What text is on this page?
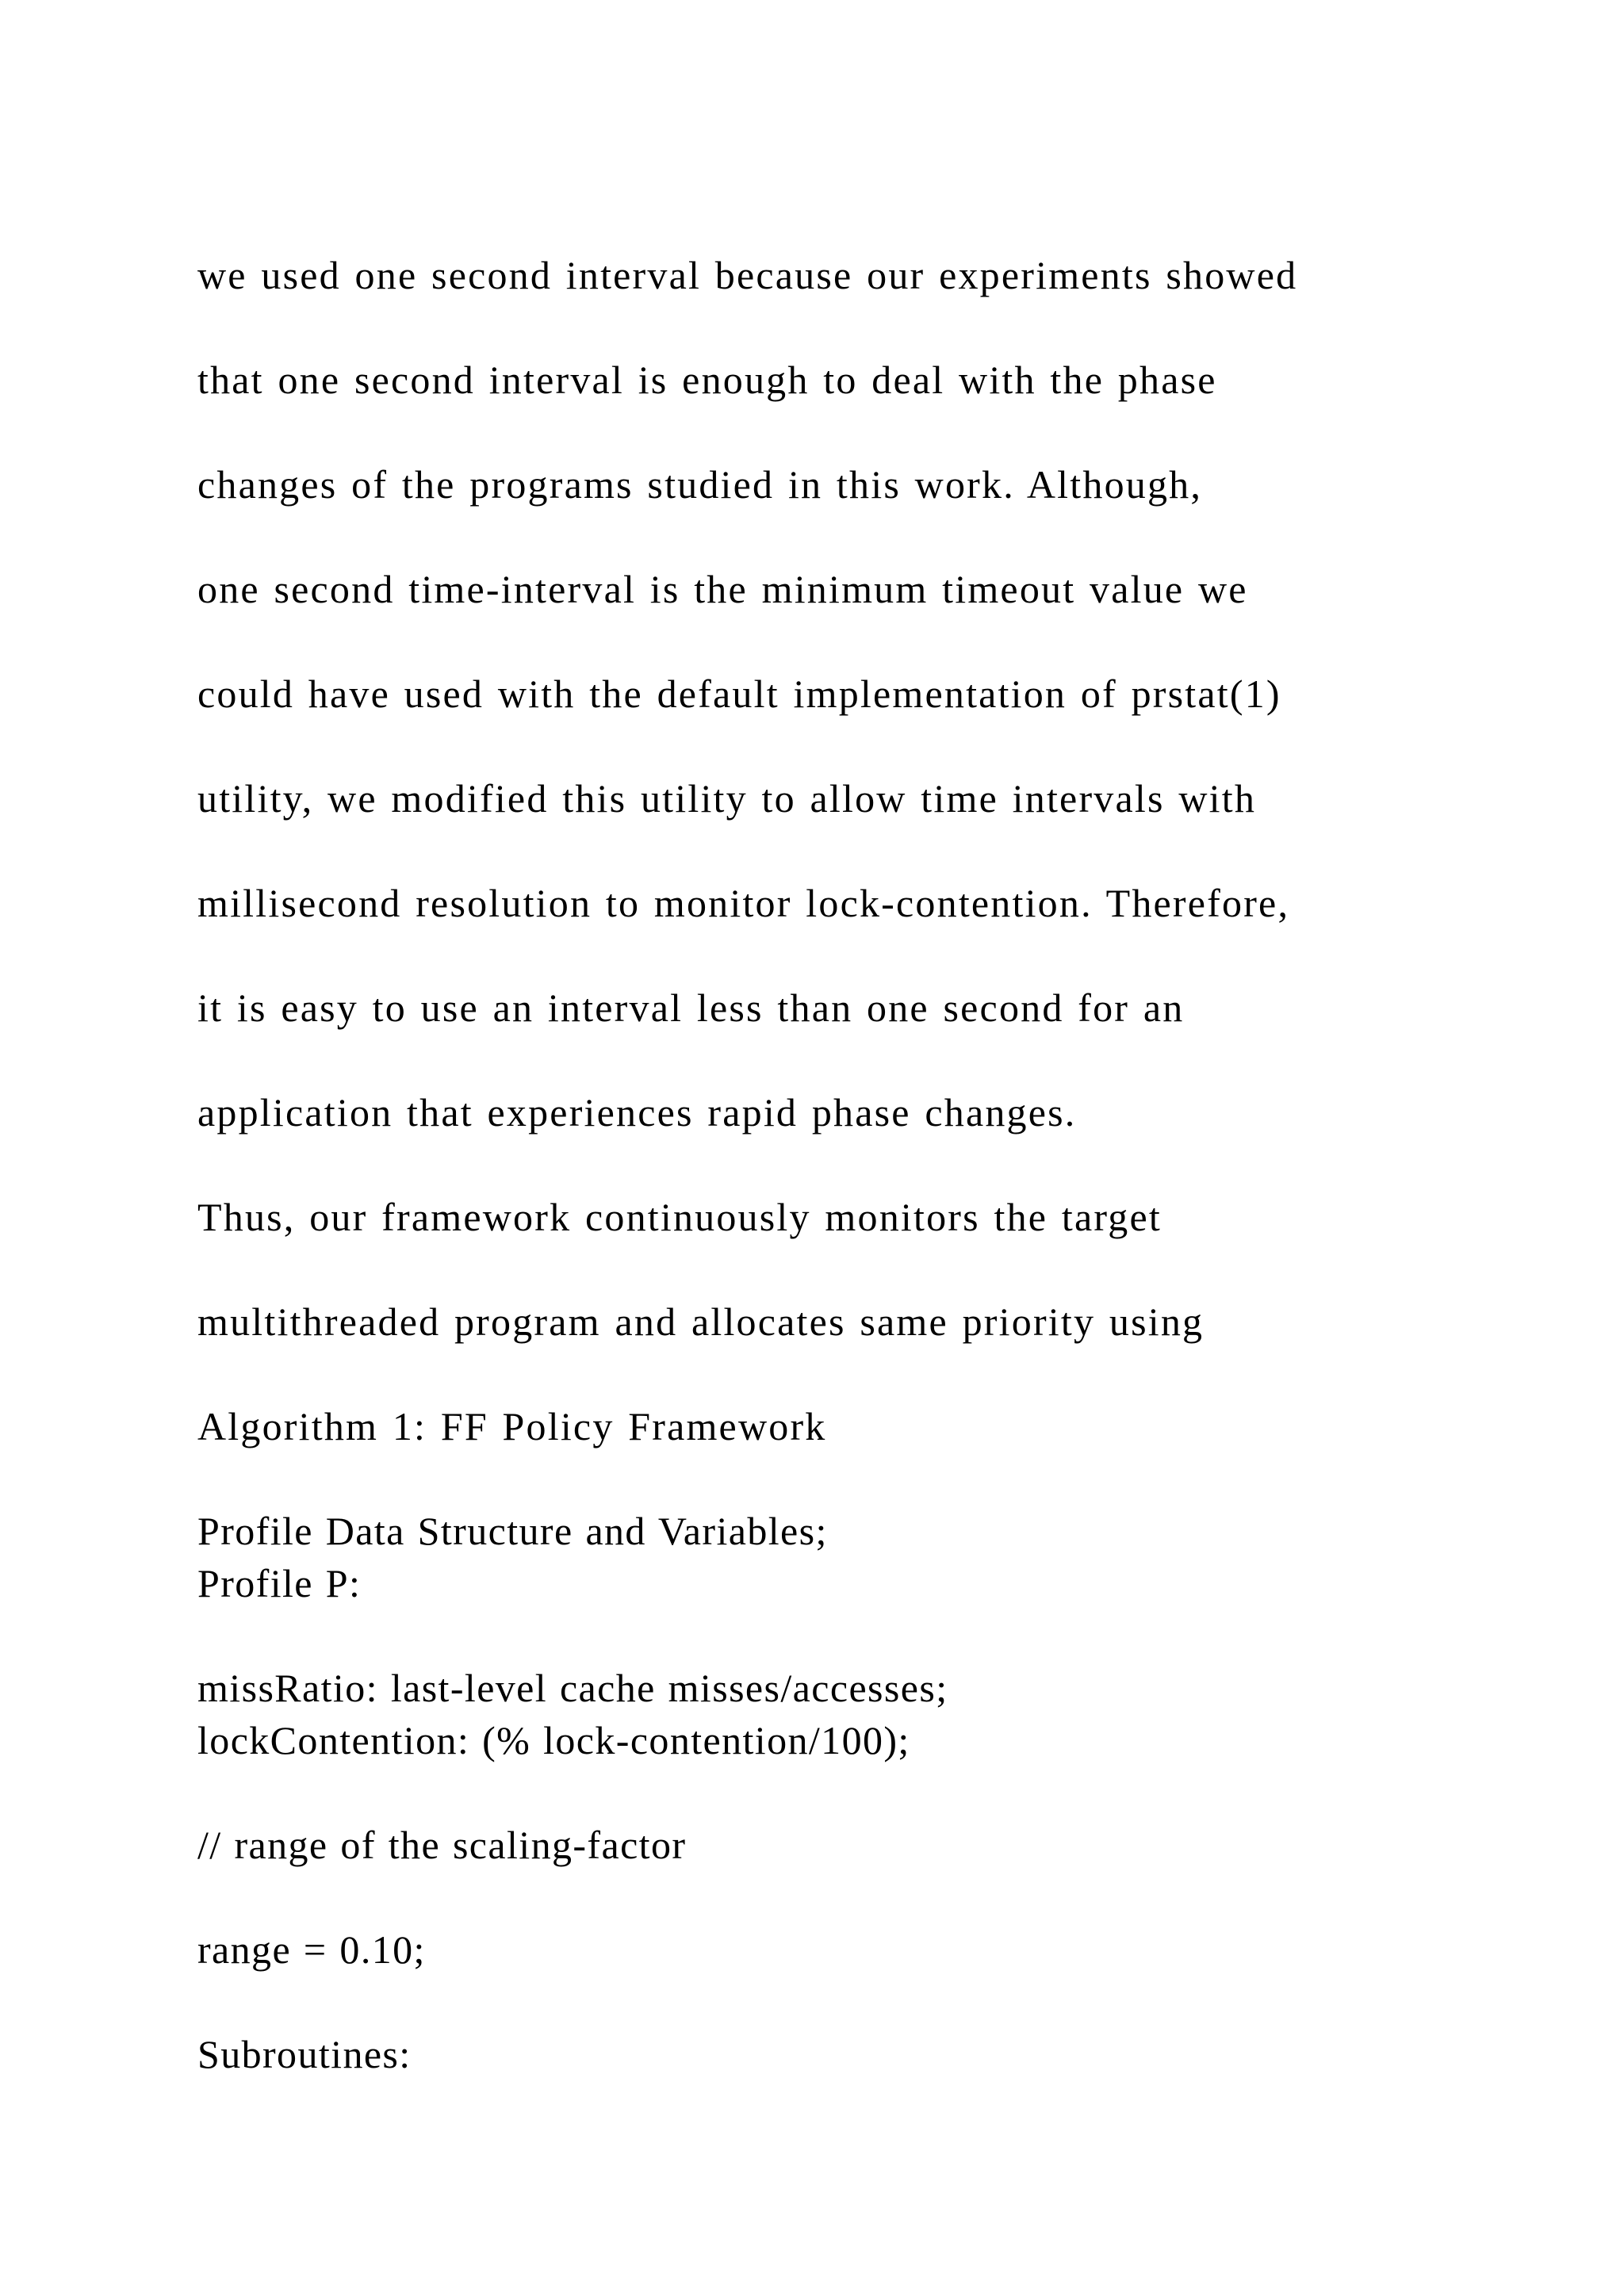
we used one second interval because our experiments showed
that one second interval is enough to deal with the phase
changes of the programs studied in this work. Although,
one second time-interval is the minimum timeout value we
could have used with the default implementation of prstat(1)
utility, we modified this utility to allow time intervals with
millisecond resolution to monitor lock-contention. Therefore,
it is easy to use an interval less than one second for an
application that experiences rapid phase changes.
Thus, our framework continuously monitors the target
multithreaded program and allocates same priority using
Algorithm 1: FF Policy Framework
Profile Data Structure and Variables;
Profile P:
missRatio: last-level cache misses/accesses;
lockContention: (% lock-contention/100);
// range of the scaling-factor
range = 0.10;
Subroutines:
